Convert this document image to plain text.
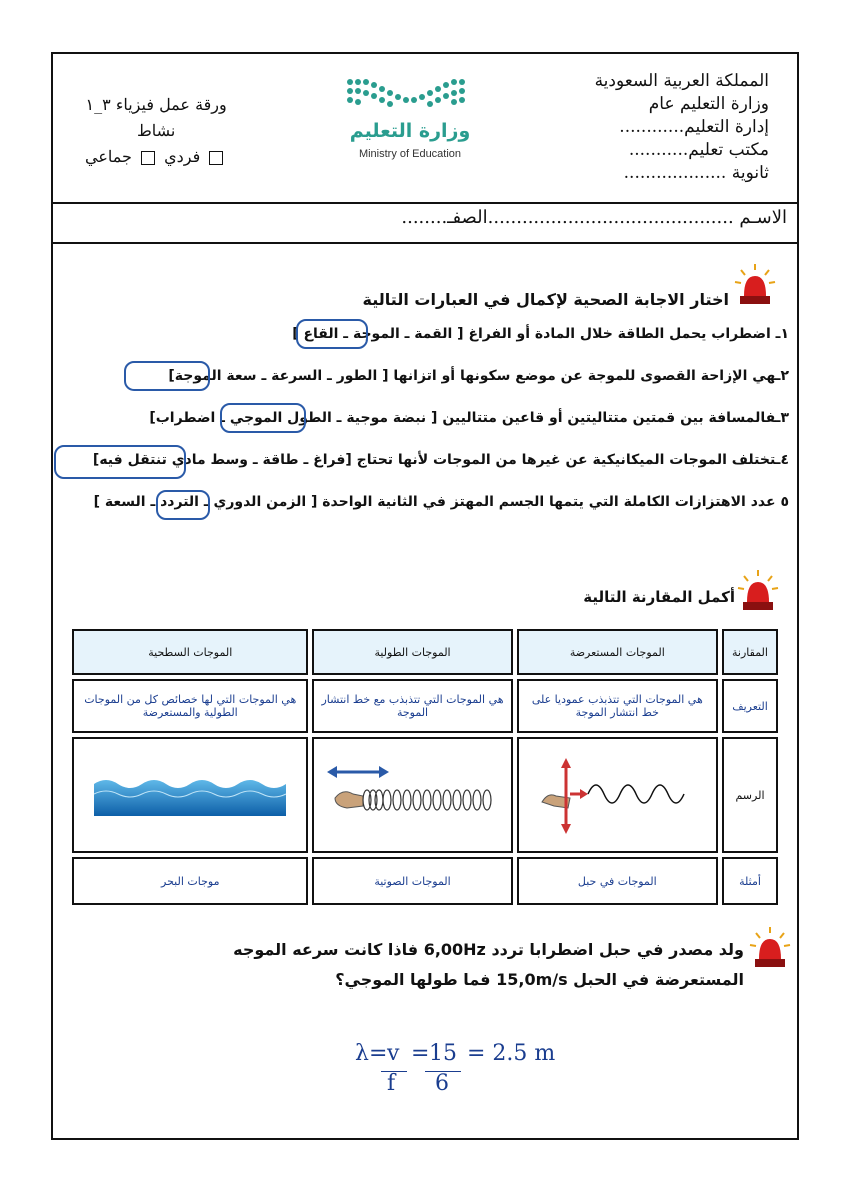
المملكة العربية السعودية
وزارة التعليم عام
إدارة التعليم............
مكتب تعليم...........
ثانوية ...................
وزارة التعليم
Ministry of Education
ورقة عمل فيزياء ٣_١
نشاط
فردي  جماعي
الاسـم ...........................................الصفـ........
اختار الاجابة الصحية لإكمال في العبارات التالية
١ـ اضطراب يحمل الطاقة خلال المادة أو الفراغ [ القمة ـ الموجة ـ القاع ]
٢ـهي الإزاحة القصوى للموجة عن موضع سكونها أو اتزانها [ الطور ـ السرعة ـ سعة الموجة]
٣ـفالمسافة بين قمتين متتاليتين أو قاعين متتاليين [ نبضة موجية ـ الطول الموجي ـ اضطراب]
٤ـتختلف الموجات الميكانيكية عن غيرها من الموجات لأنها تحتاج [فراغ ـ طاقة ـ وسط مادي تنتقل فيه]
٥ عدد الاهتزازات الكاملة التي يتمها الجسم المهتز في الثانية الواحدة [ الزمن الدوري ـ التردد ـ السعة ]
أكمل المقارنة التالية
المقارنة	الموجات المستعرضة	الموجات الطولية	الموجات السطحية
التعريف	هي الموجات التي تتذبذب عموديا على خط انتشار الموجة	هي الموجات التي تتذبذب مع خط انتشار الموجة	هي الموجات التي لها خصائص كل من الموجات الطولية والمستعرضة
الرسم			
أمثلة	الموجات في حبل	الموجات الصوتية	موجات البحر
ولد مصدر في حبل اضطرابا تردد 6,00Hz فاذا كانت سرعه الموجه المستعرضة في الحبل 15,0m/s فما طولها الموجي؟
λ= v
f
= 15
6
= 2.5 m
